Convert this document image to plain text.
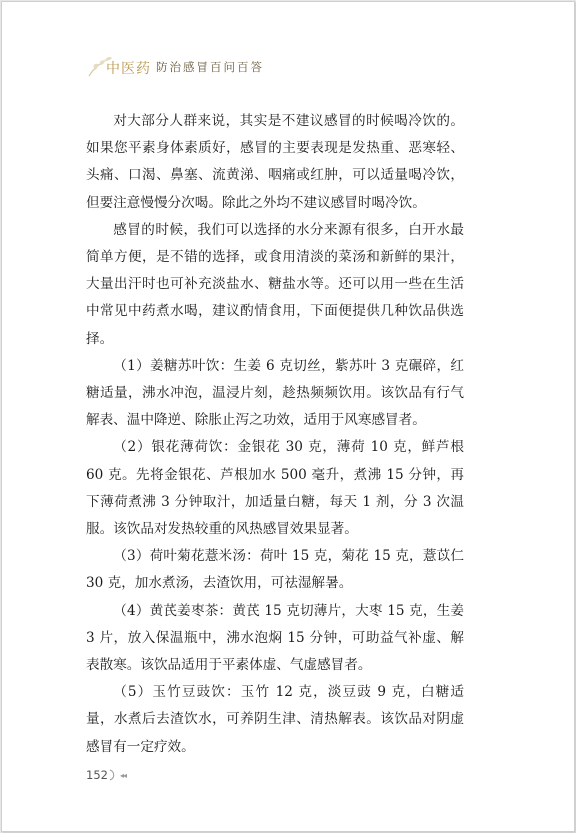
中医药 防治感冒百问百答

对大部分人群来说，其实是不建议感冒的时候喝冷饮的。如果您平素身体素质好，感冒的主要表现是发热重、恶寒轻、头痛、口渴、鼻塞、流黄涕、咽痛或红肿，可以适量喝冷饮，但要注意慢慢分次喝。除此之外均不建议感冒时喝冷饮。

感冒的时候，我们可以选择的水分来源有很多，白开水最简单方便，是不错的选择，或食用清淡的菜汤和新鲜的果汁，大量出汗时也可补充淡盐水、糖盐水等。还可以用一些在生活中常见中药煮水喝，建议酌情食用，下面便提供几种饮品供选择。

（1）姜糖苏叶饮：生姜 6 克切丝，紫苏叶 3 克碾碎，红糖适量，沸水冲泡，温浸片刻，趁热频频饮用。该饮品有行气解表、温中降逆、除胀止泻之功效，适用于风寒感冒者。

（2）银花薄荷饮：金银花 30 克，薄荷 10 克，鲜芦根 60 克。先将金银花、芦根加水 500 毫升，煮沸 15 分钟，再下薄荷煮沸 3 分钟取汁，加适量白糖，每天 1 剂，分 3 次温服。该饮品对发热较重的风热感冒效果显著。

（3）荷叶菊花薏米汤：荷叶 15 克，菊花 15 克，薏苡仁 30 克，加水煮汤，去渣饮用，可祛湿解暑。

（4）黄芪姜枣茶：黄芪 15 克切薄片，大枣 15 克，生姜 3 片，放入保温瓶中，沸水泡焖 15 分钟，可助益气补虚、解表散寒。该饮品适用于平素体虚、气虚感冒者。

（5）玉竹豆豉饮：玉竹 12 克，淡豆豉 9 克，白糖适量，水煮后去渣饮水，可养阴生津、清热解表。该饮品对阴虚感冒有一定疗效。

152 ◂◂
